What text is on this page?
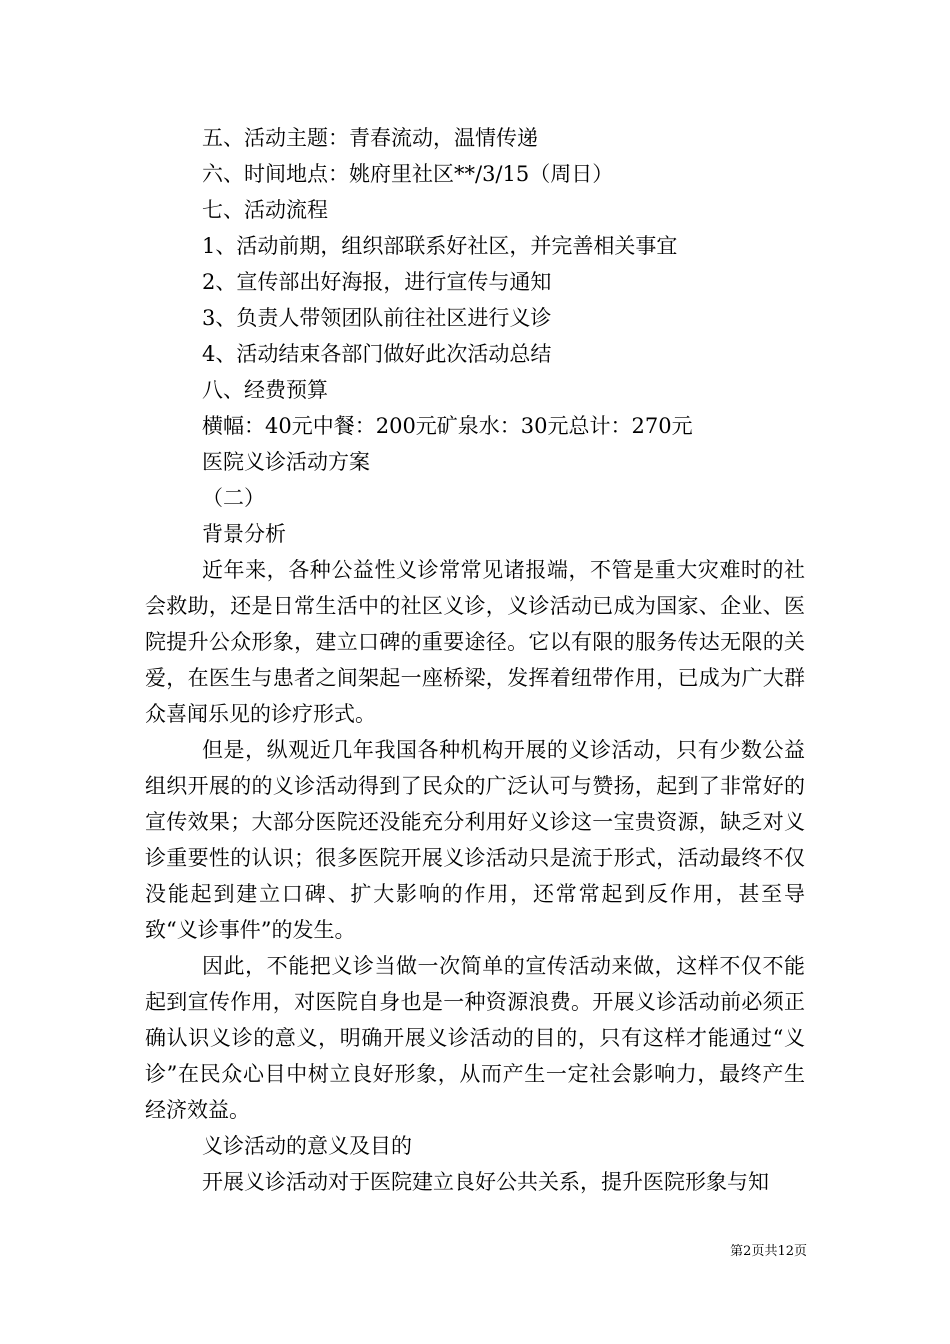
五、活动主题：青春流动，温情传递

六、时间地点：姚府里社区**/3/15（周日）

七、活动流程

1、活动前期，组织部联系好社区，并完善相关事宜

2、宣传部出好海报，进行宣传与通知

3、负责人带领团队前往社区进行义诊

4、活动结束各部门做好此次活动总结

八、经费预算

横幅：40元中餐：200元矿泉水：30元总计：270元

医院义诊活动方案

（二）

背景分析

近年来，各种公益性义诊常常见诸报端，不管是重大灾难时的社会救助，还是日常生活中的社区义诊，义诊活动已成为国家、企业、医院提升公众形象，建立口碑的重要途径。它以有限的服务传达无限的关爱，在医生与患者之间架起一座桥梁，发挥着纽带作用，已成为广大群众喜闻乐见的诊疗形式。

但是，纵观近几年我国各种机构开展的义诊活动，只有少数公益组织开展的的义诊活动得到了民众的广泛认可与赞扬，起到了非常好的宣传效果；大部分医院还没能充分利用好义诊这一宝贵资源，缺乏对义诊重要性的认识；很多医院开展义诊活动只是流于形式，活动最终不仅没能起到建立口碑、扩大影响的作用，还常常起到反作用，甚至导致“义诊事件”的发生。

因此，不能把义诊当做一次简单的宣传活动来做，这样不仅不能起到宣传作用，对医院自身也是一种资源浪费。开展义诊活动前必须正确认识义诊的意义，明确开展义诊活动的目的，只有这样才能通过“义诊”在民众心目中树立良好形象，从而产生一定社会影响力，最终产生经济效益。

义诊活动的意义及目的

开展义诊活动对于医院建立良好公共关系，提升医院形象与知

第2页共12页
